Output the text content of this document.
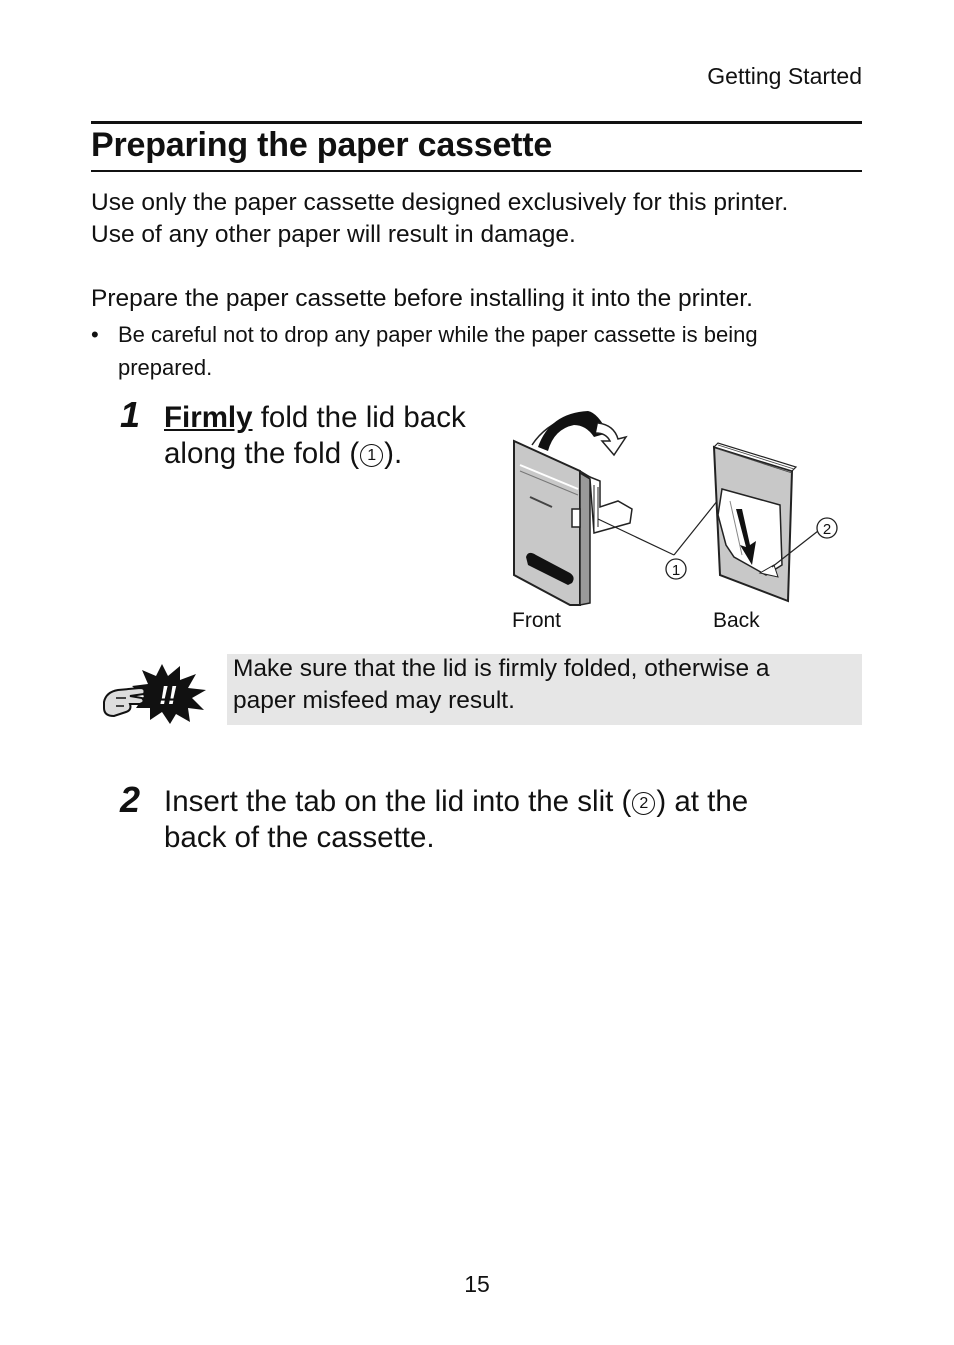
Getting Started
Preparing the paper cassette
Use only the paper cassette designed exclusively for this printer.
Use of any other paper will result in damage.
Prepare the paper cassette before installing it into the printer.
• Be careful not to drop any paper while the paper cassette is being
prepared.
1 Firmly fold the lid back
along the fold ( 1 ).
1
2
Front	Back
!!
Make sure that the lid is firmly folded, otherwise a
paper misfeed may result.
2 Insert the tab on the lid into the slit ( 2 ) at the
back of the cassette.
15
